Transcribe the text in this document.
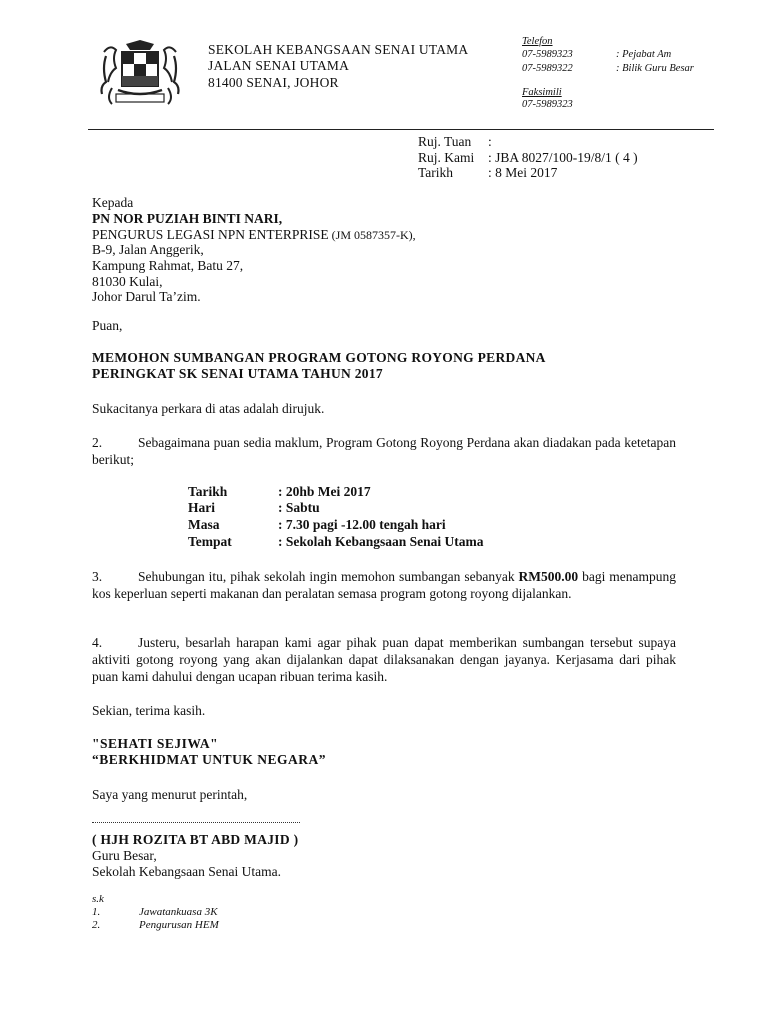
SEKOLAH KEBANGSAAN SENAI UTAMA
JALAN SENAI UTAMA
81400 SENAI, JOHOR
Telefon
07-5989323	: Pejabat Am
07-5989322	: Bilik Guru Besar
Faksimili
07-5989323
Ruj. Tuan :
Ruj. Kami : JBA 8027/100-19/8/1 ( 4 )
Tarikh	: 8 Mei 2017
Kepada
PN NOR PUZIAH BINTI NARI,
PENGURUS LEGASI NPN ENTERPRISE (JM 0587357-K),
B-9, Jalan Anggerik,
Kampung Rahmat, Batu 27,
81030 Kulai,
Johor Darul Ta’zim.
Puan,
MEMOHON SUMBANGAN PROGRAM GOTONG ROYONG PERDANA
PERINGKAT SK SENAI UTAMA TAHUN 2017
Sukacitanya perkara di atas adalah dirujuk.
2.	Sebagaimana puan sedia maklum, Program Gotong Royong Perdana akan diadakan pada ketetapan berikut;
Tarikh	: 20hb Mei 2017
Hari	: Sabtu
Masa	: 7.30 pagi -12.00 tengah hari
Tempat	: Sekolah Kebangsaan Senai Utama
3.	Sehubungan itu, pihak sekolah ingin memohon sumbangan sebanyak RM500.00 bagi menampung kos keperluan seperti makanan dan peralatan semasa program gotong royong dijalankan.
4.	Justeru, besarlah harapan kami agar pihak puan dapat memberikan sumbangan tersebut supaya aktiviti gotong royong yang akan dijalankan dapat dilaksanakan dengan jayanya. Kerjasama dari pihak puan kami dahului dengan ucapan ribuan terima kasih.
Sekian, terima kasih.
"SEHATI SEJIWA"
“BERKHIDMAT UNTUK NEGARA”
Saya yang menurut perintah,
( HJH ROZITA BT ABD MAJID )
Guru Besar,
Sekolah Kebangsaan Senai Utama.
s.k
1.	Jawatankuasa 3K
2.	Pengurusan HEM
